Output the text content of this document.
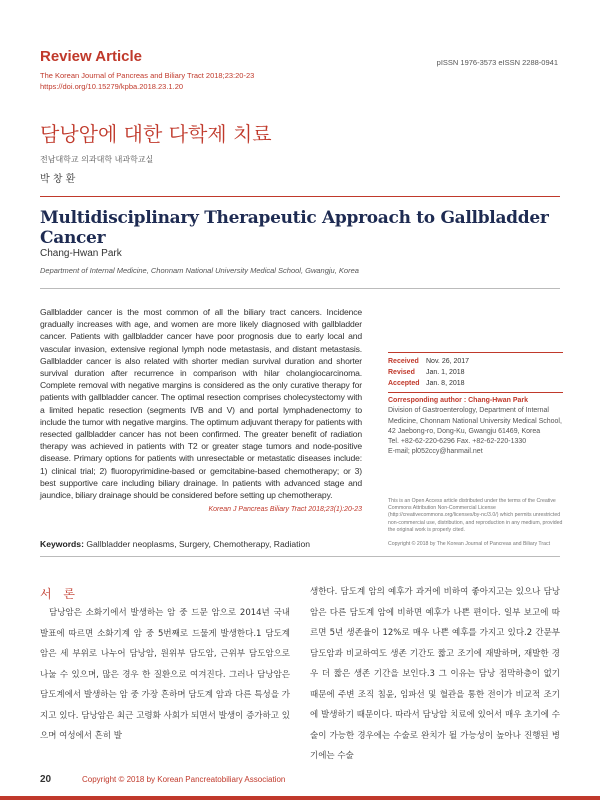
Review Article	pISSN 1976-3573 eISSN 2288-0941
The Korean Journal of Pancreas and Biliary Tract 2018;23:20-23
https://doi.org/10.15279/kpba.2018.23.1.20
담낭암에 대한 다학제 치료
전남대학교 의과대학 내과학교실
박 창 환
Multidisciplinary Therapeutic Approach to Gallbladder Cancer
Chang-Hwan Park
Department of Internal Medicine, Chonnam National University Medical School, Gwangju, Korea
Gallbladder cancer is the most common of all the biliary tract cancers. Incidence gradually increases with age, and women are more likely diagnosed with gallbladder cancer. Patients with gallbladder cancer have poor prognosis due to early local and vascular invasion, extensive regional lymph node metastasis, and distant metastasis. Gallbladder cancer is also related with shorter median survival duration and shorter survival duration after recurrence in comparison with hilar cholangiocarcinoma. Complete removal with negative margins is considered as the only curative therapy for patients with gallbladder cancer. The optimal resection comprises cholecystectomy with a limited hepatic resection (segments IVB and V) and portal lymphadenectomy to include the tumor with negative margins. The optimum adjuvant therapy for patients with resected gallbladder cancer has not been confirmed. The greater benefit of radiation therapy was achieved in patients with T2 or greater stage tumors and node-positive disease. Primary options for patients with unresectable or metastatic diseases include: 1) clinical trial; 2) fluoropyrimidine-based or gemcitabine-based chemotherapy; or 3) best supportive care including biliary drainage. In patients with advanced stage and jaundice, biliary drainage should be considered before setting up chemotherapy.
Korean J Pancreas Biliary Tract 2018;23(1):20-23
Keywords: Gallbladder neoplasms, Surgery, Chemotherapy, Radiation
Received Nov. 26, 2017
Revised Jan. 1, 2018
Accepted Jan. 8, 2018
Corresponding author : Chang-Hwan Park
Division of Gastroenterology, Department of Internal Medicine, Chonnam National University Medical School, 42 Jaebong-ro, Dong-Ku, Gwangju 61469, Korea
Tel. +82-62-220-6296 Fax. +82-62-220-1330
E-mail; pl052ccy@hanmail.net
This is an Open Access article distributed under the terms of the Creative Commons Attribution Non-Commercial License (http://creativecommons.org/licenses/by-nc/3.0/) which permits unrestricted non-commercial use, distribution, and reproduction in any medium, provided the original work is properly cited.
Copyright © 2018 by The Korean Journal of Pancreas and Biliary Tract
서 론

담낭암은 소화기에서 발생하는 암 중 드문 암으로 2014년 국내 발표에 따르면 소화기계 암 중 5번째로 드물게 발생한다.1 담도계 암은 세 부위로 나누어 담낭암, 원위부 담도암, 근위부 담도암으로 나눌 수 있으며, 많은 경우 한 질환으로 여겨진다. 그러나 담낭암은 담도계에서 발생하는 암 중 가장 흔하며 담도계 암과 다른 특성을 가지고 있다. 담낭암은 최근 고령화 사회가 되면서 발생이 증가하고 있으며 여성에서 흔히 발

생한다. 담도계 암의 예후가 과거에 비하여 좋아지고는 있으나 담낭암은 다른 담도계 암에 비하면 예후가 나쁜 편이다. 일부 보고에 따르면 5년 생존율이 12%로 매우 나쁜 예후를 가지고 있다.2 간문부 담도암과 비교하여도 생존 기간도 짧고 조기에 재발하며, 재발한 경우 더 짧은 생존 기간을 보인다.3 그 이유는 담낭 점막하층이 없기 때문에 주변 조직 침윤, 임파선 및 혈관을 통한 전이가 비교적 조기에 발생하기 때문이다. 따라서 담낭암 치료에 있어서 매우 초기에 수술이 가능한 경우에는 수술로 완치가 될 가능성이 높아나 진행된 병기에는 수술

20	Copyright © 2018 by Korean Pancreatobiliary Association
